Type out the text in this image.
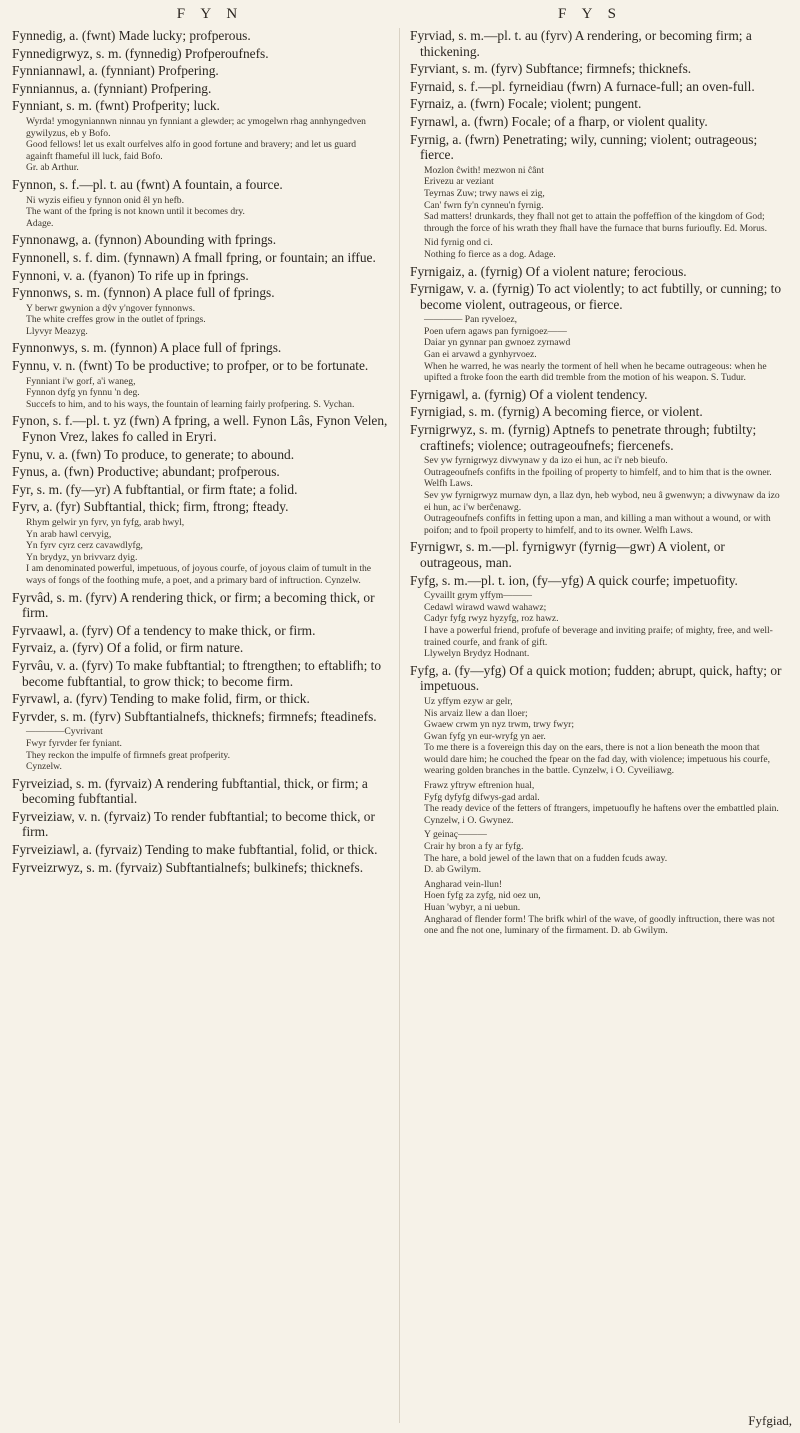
F Y N	F Y S
Fynnedig, a. (fwnt) Made lucky; profperous.
Fynnedigrwyz, s. m. (fynnedig) Profperoufnefs.
Fynniannawl, a. (fynniant) Profpering.
Fynniannus, a. (fynniant) Profpering.
Fynniant, s. m. (fwnt) Profperity; luck.
Wyrda! ymogyniannwn ninnau yn fynniant a glewder; ac ymogelwn rhag annhyngedven gywilyzus, eb y Bofo.
Good fellows! let us exalt ourfelves alfo in good fortune and bravery; and let us guard againft fhameful ill luck, faid Bofo.
Gr. ab Arthur.
Fynnon, s. f.—pl. t. au (fwnt) A fountain, a fource.
Ni wyzis eifieu y fynnon onid êl yn hefb.
The want of the fpring is not known until it becomes dry.
Adage.
Fynnonawg, a. (fynnon) Abounding with fprings.
Fynnonell, s. f. dim. (fynnawn) A fmall fpring, or fountain; an iffue.
Fynnoni, v. a. (fyanon) To rife up in fprings.
Fynnonws, s. m. (fynnon) A place full of fprings.
Y berwr gwynion a dŷv y'ngover fynnonws.
The white creffes grow in the outlet of fprings.
Llyvyr Meazyg.
Fynnonwys, s. m. (fynnon) A place full of fprings.
Fynnu, v. n. (fwnt) To be productive; to profper, or to be fortunate.
Fynniant i'w gorf, a'i waneg,
Fynnon dyfg yn fynnu 'n deg.
Succefs to him, and to his ways, the fountain of learning fairly profpering. S. Vychan.
Fynon, s. f.—pl. t. yz (fwn) A fpring, a well. Fynon Lâs, Fynon Velen, Fynon Vrez, lakes fo called in Eryri.
Fynu, v. a. (fwn) To produce, to generate; to abound.
Fynus, a. (fwn) Productive; abundant; profperous.
Fyr, s. m. (fy—yr) A fubftantial, or firm ftate; a folid.
Fyrv, a. (fyr) Subftantial, thick; firm, ftrong; fteady.
Rhym gelwir yn fyrv, yn fyfg, arab hwyl,
Yn arab hawl cervyig,
Yn fyrv cyrz cerz cavawdlyfg,
Yn brydyz, yn brivvarz dyig.
I am denominated powerful, impetuous, of joyous courfe, of joyous claim of tumult in the ways of fongs of the foothing mufe, a poet, and a primary bard of inftruction. Cynzelw.
Fyrvâd, s. m. (fyrv) A rendering thick, or firm; a becoming thick, or firm.
Fyrvaawl, a. (fyrv) Of a tendency to make thick, or firm.
Fyrvaiz, a. (fyrv) Of a folid, or firm nature.
Fyrvâu, v. a. (fyrv) To make fubftantial; to ftrengthen; to eftablifh; to become fubftantial, to grow thick; to become firm.
Fyrvawl, a. (fyrv) Tending to make folid, firm, or thick.
Fyrvder, s. m. (fyrv) Subftantialnefs, thicknefs; firmnefs; fteadinefs.
————Cyvrivant
Fwyr fyrvder fer fyniant.
They reckon the impulfe of firmnefs great profperity.
Cynzelw.
Fyrveiziad, s. m. (fyrvaiz) A rendering fubftantial, thick, or firm; a becoming fubftantial.
Fyrveiziaw, v. n. (fyrvaiz) To render fubftantial; to become thick, or firm.
Fyrveiziawl, a. (fyrvaiz) Tending to make fubftantial, folid, or thick.
Fyrveizrwyz, s. m. (fyrvaiz) Subftantialnefs; bulkinefs; thicknefs.
Fyrviad, s. m.—pl. t. au (fyrv) A rendering, or becoming firm; a thickening.
Fyrviant, s. m. (fyrv) Subftance; firmnefs; thicknefs.
Fyrnaid, s. f.—pl. fyrneidiau (fwrn) A furnace-full; an oven-full.
Fyrnaiz, a. (fwrn) Focale; violent; pungent.
Fyrnawl, a. (fwrn) Focale; of a fharp, or violent quality.
Fyrnig, a. (fwrn) Penetrating; wily, cunning; violent; outrageous; fierce.
Mozlon ĉwith! mezwon ni ĉânt
Erivezu ar veziant
Teyrnas Zuw; trwy naws ei zig,
Can' fwrn fy'n cynneu'n fyrnig.
Sad matters! drunkards, they fhall not get to attain the poffeffion of the kingdom of God; through the force of his wrath they fhall have the furnace that burns furioufly. Ed. Morus.
Nid fyrnig ond ci.
Nothing fo fierce as a dog. Adage.
Fyrnigaiz, a. (fyrnig) Of a violent nature; ferocious.
Fyrnigaw, v. a. (fyrnig) To act violently; to act fubtilly, or cunning; to become violent, outrageous, or fierce.
———— Pan ryveloez,
Poen ufern agaws pan fyrnigoez——
Daiar yn gynnar pan gwnoez zyrnawd
Gan ei arvawd a gynhyrvoez.
When he warred, he was nearly the torment of hell when he became outrageous: when he upifted a ftroke foon the earth did tremble from the motion of his weapon. S. Tudur.
Fyrnigawl, a. (fyrnig) Of a violent tendency.
Fyrnigiad, s. m. (fyrnig) A becoming fierce, or violent.
Fyrnigrwyz, s. m. (fyrnig) Aptnefs to penetrate through; fubtilty; craftinefs; violence; outrageoufnefs; fiercenefs.
Sev yw fyrnigrwyz divwynaw y da izo ei hun, ac i'r neb bieufo.
Outrageoufnefs confifts in the fpoiling of property to himfelf, and to him that is the owner. Welfh Laws.
Sev yw fyrnigrwyz murnaw dyn, a llaz dyn, heb wybod, neu â gwenwyn; a divwynaw da izo ei hun, ac i'w berĉenawg.
Outrageoufnefs confifts in fetting upon a man, and killing a man without a wound, or with poifon; and to fpoil property to himfelf, and to its owner. Welfh Laws.
Fyrnigwr, s. m.—pl. fyrnigwyr (fyrnig—gwr) A violent, or outrageous, man.
Fyfg, s. m.—pl. t. ion, (fy—yfg) A quick courfe; impetuofity.
Cyvaillt grym yffym———
Cedawl wirawd wawd wahawz;
Cadyr fyfg rwyz hyzyfg, roz hawz.
I have a powerful friend, profufe of beverage and inviting praife; of mighty, free, and well-trained courfe, and frank of gift.
Llywelyn Brydyz Hodnant.
Fyfg, a. (fy—yfg) Of a quick motion; fudden; abrupt, quick, hafty; or impetuous.
Uz yffym ezyw ar gelr,
Nis arvaiz llew a dan lloer;
Gwaew crwm yn nyz trwm, trwy fwyr;
Gwan fyfg yn eur-wryfg yn aer.
To me there is a fovereign this day on the ears, there is not a lion beneath the moon that would dare him; he couched the fpear on the fad day, with violence; impetuous his courfe, wearing golden branches in the battle. Cynzelw, i O. Cyveiliawg.
Frawz yftryw eftrenion hual,
Fyfg dyfyfg difwys-gad ardal.
The ready device of the fetters of ftrangers, impetuoufly he haftens over the embattled plain. Cynzelw, i O. Gwynez.
Y geinaç———
Crair hy bron a fy ar fyfg.
The hare, a bold jewel of the lawn that on a fudden fcuds away.
D. ab Gwilym.
Angharad vein-llun!
Hoen fyfg za zyfg, nid oez un,
Huan 'wybyr, a ni uebun.
Angharad of flender form! The brifk whirl of the wave, of goodly inftruction, there was not one and fhe not one, luminary of the firmament. D. ab Gwilym.
Fyfgiad,
